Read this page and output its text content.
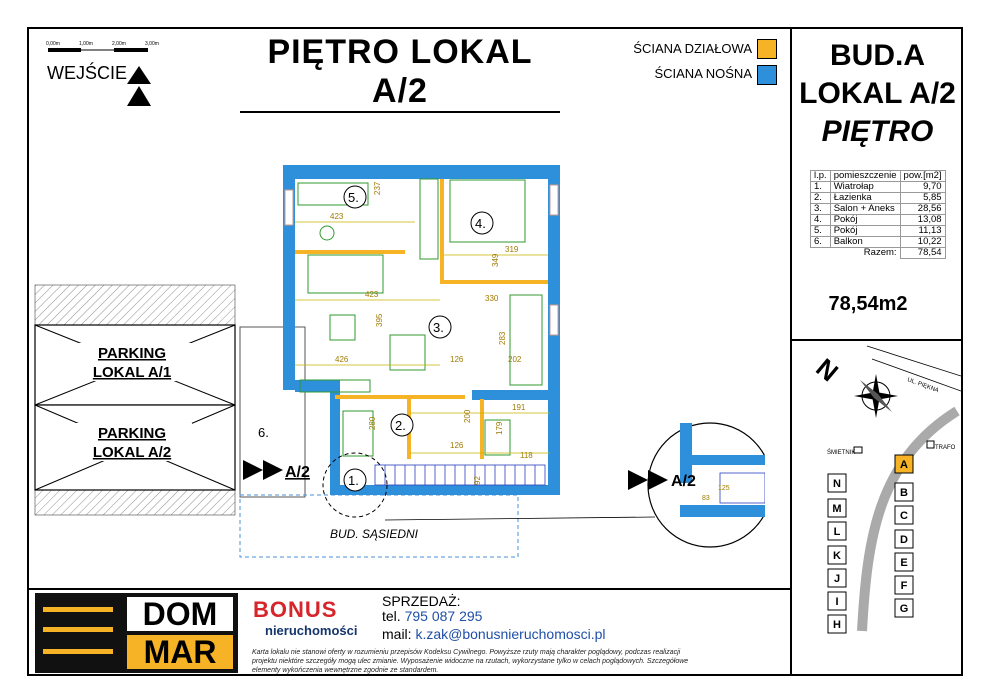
0,00m	1,00m	2,00m	3,00m
WEJŚCIE
PIĘTRO LOKAL A/2
ŚCIANA DZIAŁOWA
ŚCIANA NOŚNA
PARKING
LOKAL A/1
PARKING
LOKAL A/2
6.
BUD. SĄSIEDNI
423
237
319
349
423
395
330
283
426	126	202
191
280
200
179
126
118
92
5.
4.
3.
2.
1.
A/2
A/2	125
83
BUD.A
LOKAL A/2
PIĘTRO
l.p.	pomieszczenie	pow.[m2]
1.	Wiatrołap	9,70
2.	Łazienka	5,85
3.	Salon + Aneks	28,56
4.	Pokój	13,08
5.	Pokój	11,13
6.	Balkon	10,22
	Razem:	78,54
78,54m2
N	UL. PIĘKNA
ŚMIETNIK
TRAFO
N
M
L
K
J
I
H
A
B
C
D
E
F
G
DOM
MAR
BONUS
nieruchomości
SPRZEDAŻ:
tel. 795 087 295
mail: k.zak@bonusnieruchomosci.pl
Karta lokalu nie stanowi oferty w rozumieniu przepisów Kodeksu Cywilnego. Powyższe rzuty mają charakter poglądowy, podczas realizacji projektu niektóre szczegóły mogą ulec zmianie. Wyposażenie widoczne na rzutach, wykorzystane tylko w celach poglądowych. Szczegółowe elementy wykończenia wewnętrzne zgodnie ze standardem.
